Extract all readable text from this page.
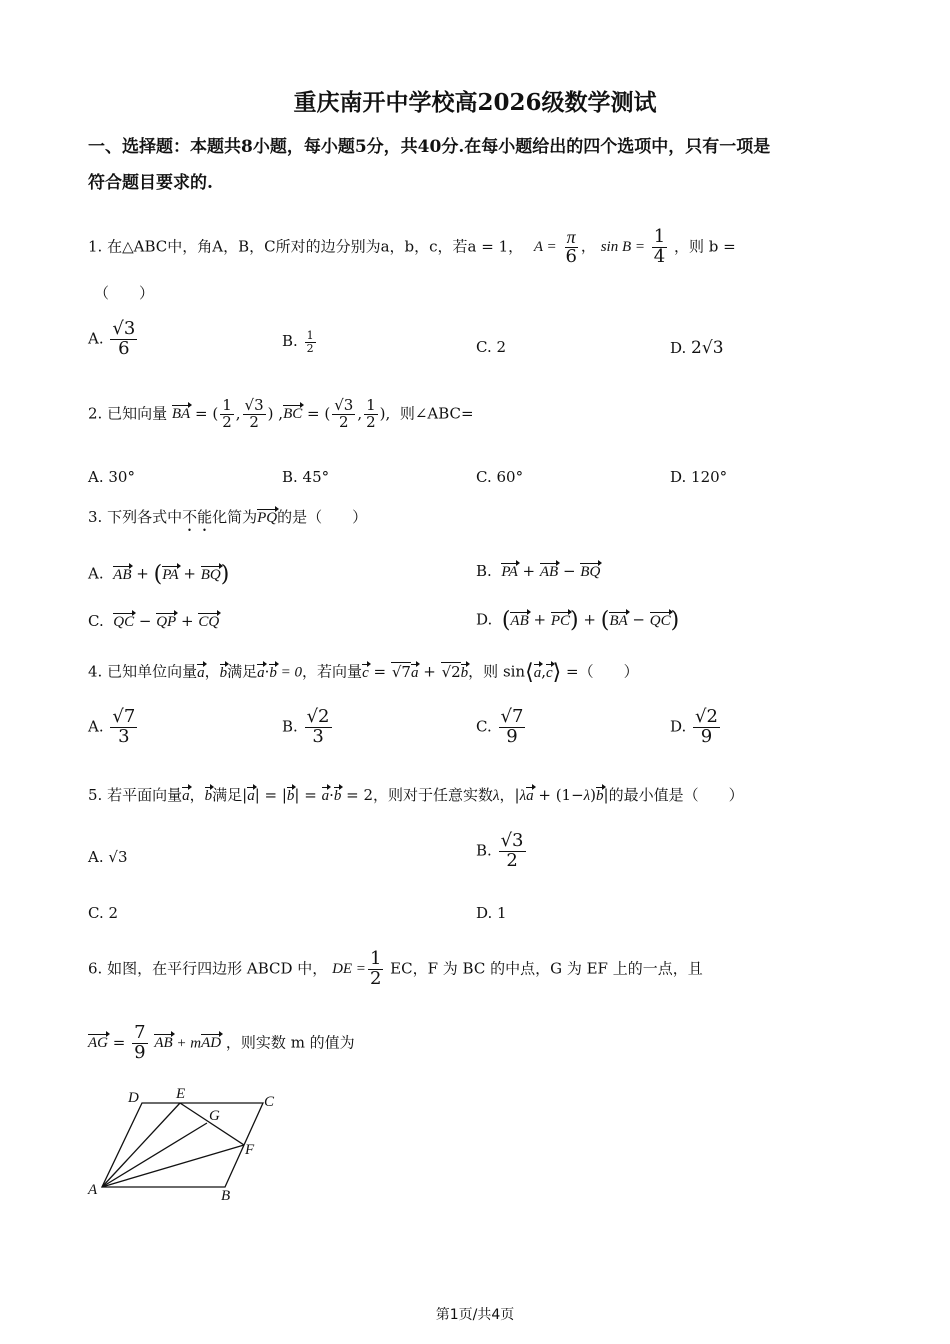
重庆南开中学校高2026级数学测试
一、选择题：本题共8小题，每小题5分，共40分.在每小题给出的四个选项中，只有一项是
符合题目要求的.
1. 在△ABC中，角A，B，C所对的边分别为a，b，c，若a = 1， $A = \frac{\pi}{6}$ ， $\sin B = \frac{1}{4}$ ，则 b =
（　　）
A. $\frac{√3}{6}$	B. $\frac{1}{2}$	C. 2	D. 2√3
2. 已知向量 BA = ( $\frac{1}{2}$ , $\frac{√3}{2}$ ) ,BC = ( $\frac{√3}{2}$ , $\frac{1}{2}$ ),  则∠ABC=
A. 30°	B. 45°	C. 60°	D. 120°
3. 下列各式中不能化简为PQ的是（　　）
A. AB + (PA + BQ)	B. PA + AB − BQ
C. QC − QP + CQ	D. (AB + PC) + (BA − QC)
4. 已知单位向量a，b满足a·b = 0，若向量c = √7a + √2b，则 sin⟨a,c⟩ =（　　）
A. $\frac{√7}{3}$	B. $\frac{√2}{3}$	C. $\frac{√7}{9}$	D. $\frac{√2}{9}$
5. 若平面向量a，b满足|a| = |b| = a·b = 2，则对于任意实数λ，|λa + (1−λ)b|的最小值是（　　）
A. √3	B. $\frac{√3}{2}$
C. 2	D. 1
6. 如图，在平行四边形 ABCD 中， DE = $\frac{1}{2}$ EC，F 为 BC 的中点，G 为 EF 上的一点，且
AG = $\frac{7}{9}$ AB + mAD ，则实数 m 的值为
D E	C
G
F
A	B
第1页/共4页
